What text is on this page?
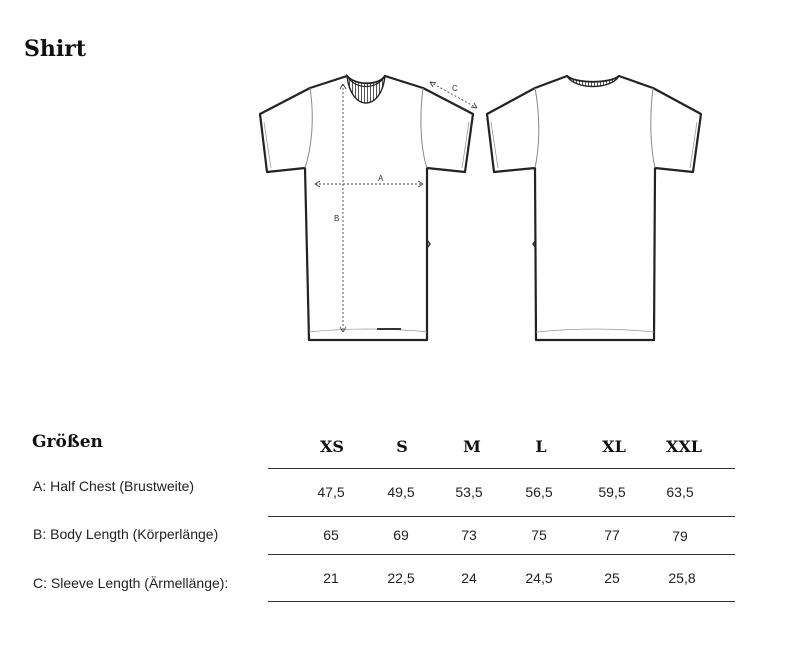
Shirt
A
B
C
Größen	XS	S	M	L	XL	XXL
A: Half Chest (Brustweite)	47,5	49,5	53,5	56,5	59,5	63,5
B: Body Length (Körperlänge)	65	69	73	75	77	79
C: Sleeve Length (Ärmellänge):	21	22,5	24	24,5	25	25,8
